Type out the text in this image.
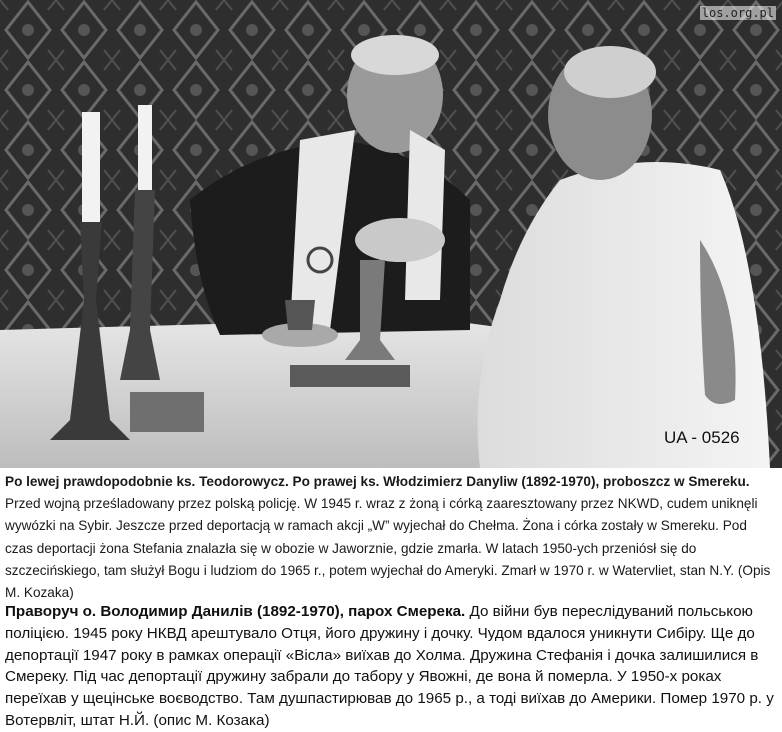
los.org.pl
UA - 0526
Po lewej prawdopodobnie ks. Teodorowycz. Po prawej ks. Włodzimierz Danyliw (1892-1970), proboszcz w Smereku. Przed wojną prześladowany przez polską policję. W 1945 r. wraz z żoną i córką zaaresztowany przez NKWD, cudem uniknęli wywózki na Sybir. Jeszcze przed deportacją w ramach akcji „W” wyjechał do Chełma. Żona i córka zostały w Smereku. Pod czas deportacji żona Stefania znalazła się w obozie w Jaworznie, gdzie zmarła. W latach 1950-ych przeniósł się do szczecińskiego, tam służył Bogu i ludziom do 1965 r., potem wyjechał do Ameryki. Zmarł w 1970 r. w Watervliet, stan N.Y. (Opis M. Kozaka)
Праворуч о. Володимир Данилів (1892-1970), парох Смерека. До війни був переслідуваний польською поліцією. 1945 року НКВД арештувало Отця, його дружину і дочку. Чудом вдалося уникнути Сибіру. Ще до депортації 1947 року в рамках операції «Вісла» виїхав до Холма. Дружина Стефанія і дочка залишилися в Смереку. Під час депортації дружину забрали до табору у Явожні, де вона й померла. У 1950-х роках переїхав у щецінське воєводство. Там душпастирював до 1965 р., а тоді виїхав до Америки. Помер 1970 р. у Вотервліт, штат Н.Й. (опис М. Козака)
